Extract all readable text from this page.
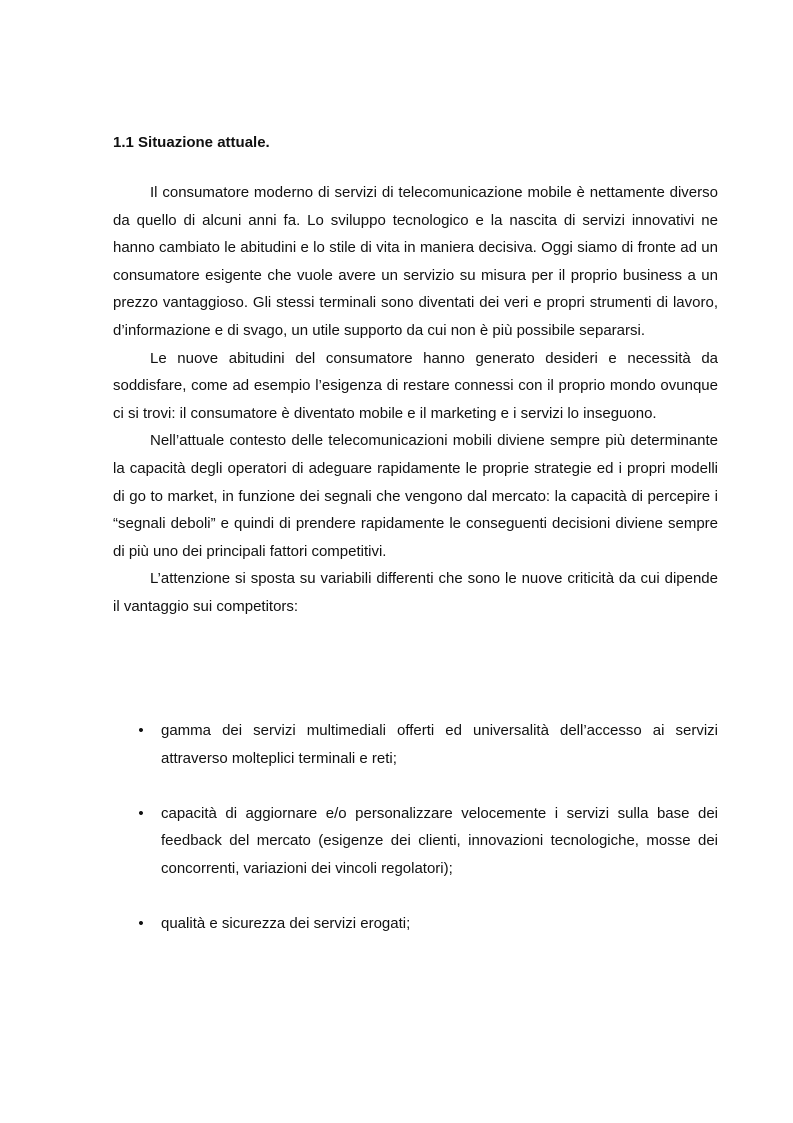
1.1 Situazione attuale.

Il consumatore moderno di servizi di telecomunicazione mobile è nettamente diverso da quello di alcuni anni fa. Lo sviluppo tecnologico e la nascita di servizi innovativi ne hanno cambiato le abitudini e lo stile di vita in maniera decisiva. Oggi siamo di fronte ad un consumatore esigente che vuole avere un servizio su misura per il proprio business a un prezzo vantaggioso. Gli stessi terminali sono diventati dei veri e propri strumenti di lavoro, d’informazione e di svago, un utile supporto da cui non è più possibile separarsi.

Le nuove abitudini del consumatore hanno generato desideri e necessità da soddisfare, come ad esempio l’esigenza di restare connessi con il proprio mondo ovunque ci si trovi: il consumatore è diventato mobile e il marketing e i servizi lo inseguono.

Nell’attuale contesto delle telecomunicazioni mobili diviene sempre più determinante la capacità degli operatori di adeguare rapidamente le proprie strategie ed i propri modelli di go to market, in funzione dei segnali che vengono dal mercato: la capacità di percepire i “segnali deboli” e quindi di prendere rapidamente le conseguenti decisioni diviene sempre di più uno dei principali fattori competitivi.

L’attenzione si sposta su variabili differenti che sono le nuove criticità da cui dipende il vantaggio sui competitors:

• gamma dei servizi multimediali offerti ed universalità dell’accesso ai servizi attraverso molteplici terminali e reti;
• capacità di aggiornare e/o personalizzare velocemente i servizi sulla base dei feedback del mercato (esigenze dei clienti, innovazioni tecnologiche, mosse dei concorrenti, variazioni dei vincoli regolatori);
• qualità e sicurezza dei servizi erogati;
